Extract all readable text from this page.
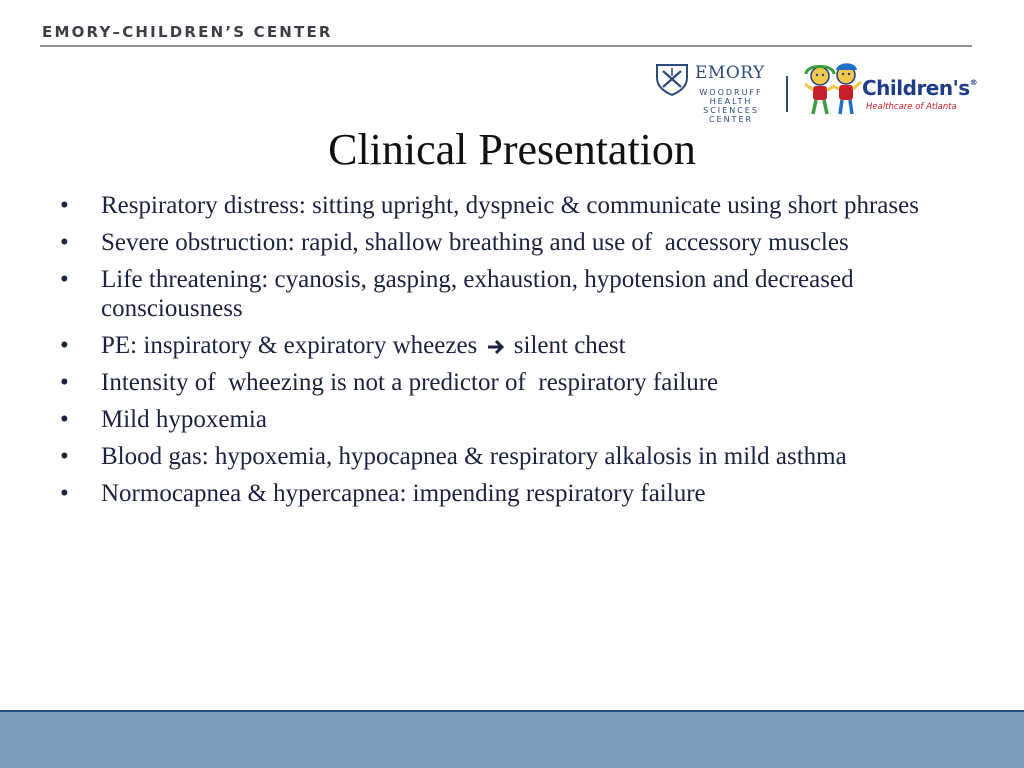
EMORY–CHILDREN’S CENTER
EMORY
WOODRUFF
HEALTH
SCIENCES
CENTER
Children's®
Healthcare of Atlanta
Clinical Presentation
• Respiratory distress: sitting upright, dyspneic & communicate using short phrases
• Severe obstruction: rapid, shallow breathing and use of  accessory muscles
• Life threatening: cyanosis, gasping, exhaustion, hypotension and decreased consciousness
• PE: inspiratory & expiratory wheezes silent chest
• Intensity of  wheezing is not a predictor of  respiratory failure
• Mild hypoxemia
• Blood gas: hypoxemia, hypocapnea & respiratory alkalosis in mild asthma
• Normocapnea & hypercapnea: impending respiratory failure
